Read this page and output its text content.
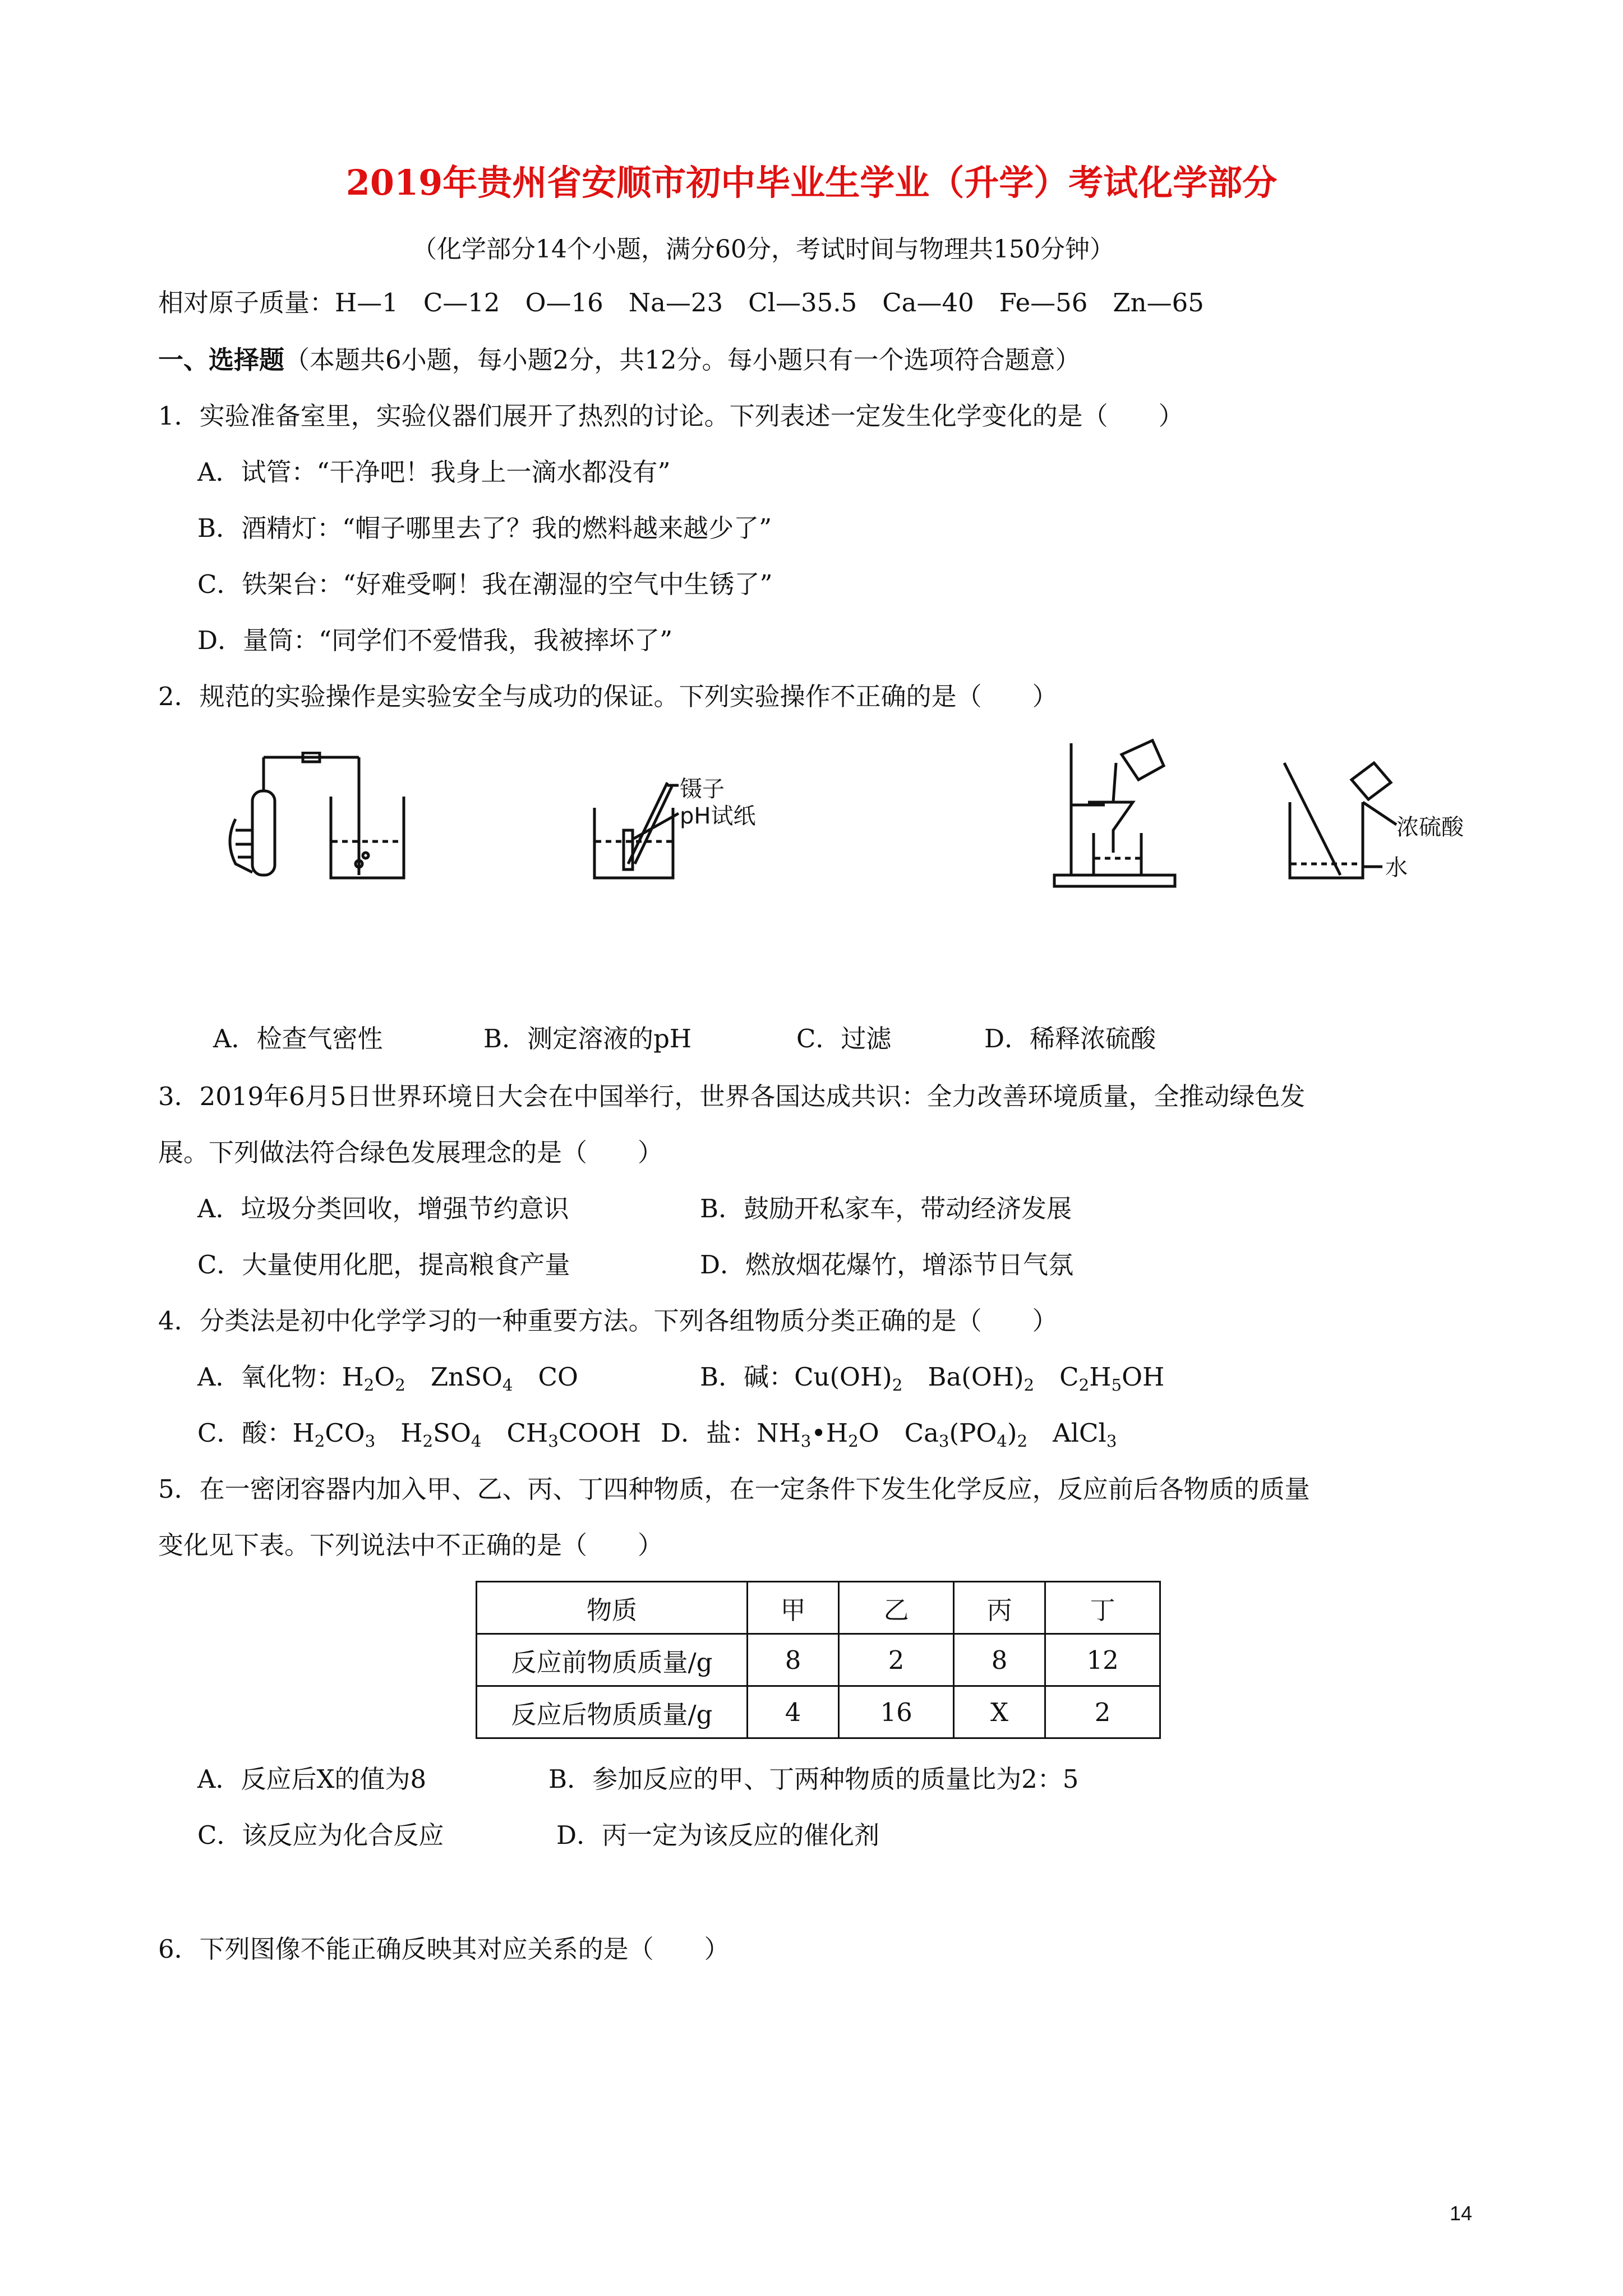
2019年贵州省安顺市初中毕业生学业（升学）考试化学部分
（化学部分14个小题，满分60分，考试时间与物理共150分钟）
相对原子质量：H—1　C—12　O—16　Na—23　Cl—35.5　Ca—40　Fe—56　Zn—65
一、选择题（本题共6小题，每小题2分，共12分。每小题只有一个选项符合题意）
1．实验准备室里，实验仪器们展开了热烈的讨论。下列表述一定发生化学变化的是（　　）
A．试管：“干净吧！我身上一滴水都没有”
B．酒精灯：“帽子哪里去了？我的燃料越来越少了”
C．铁架台：“好难受啊！我在潮湿的空气中生锈了”
D．量筒：“同学们不爱惜我，我被摔坏了”
2．规范的实验操作是实验安全与成功的保证。下列实验操作不正确的是（　　）
镊子
pH试纸	浓硫酸
水
A．检查气密性	B．测定溶液的pH	C．过滤	D．稀释浓硫酸
3．2019年6月5日世界环境日大会在中国举行，世界各国达成共识：全力改善环境质量，全推动绿色发
展。下列做法符合绿色发展理念的是（　　）
A．垃圾分类回收，增强节约意识	B．鼓励开私家车，带动经济发展
C．大量使用化肥，提高粮食产量	D．燃放烟花爆竹，增添节日气氛
4．分类法是初中化学学习的一种重要方法。下列各组物质分类正确的是（　　）
A．氧化物：$H_2O_2$　ZnSO$_4$　CO	B．碱：$Cu(OH)_2$　$Ba(OH)_2$　$C_2H_5OH$
C．酸：$H_2CO_3$　$H_2SO_4$　$CH_3COOH$ D．盐：$NH_3•H_2O$　$Ca_3(PO_4)_2$　AlCl$_3$
5．在一密闭容器内加入甲、乙、丙、丁四种物质，在一定条件下发生化学反应，反应前后各物质的质量
变化见下表。下列说法中不正确的是（　　）
物质	甲	乙	丙	丁
反应前物质质量/g	8	2	8	12
反应后物质质量/g	4	16	X	2
A．反应后X的值为8	B．参加反应的甲、丁两种物质的质量比为2：5
C．该反应为化合反应	D．丙一定为该反应的催化剂
6．下列图像不能正确反映其对应关系的是（　　）
14
